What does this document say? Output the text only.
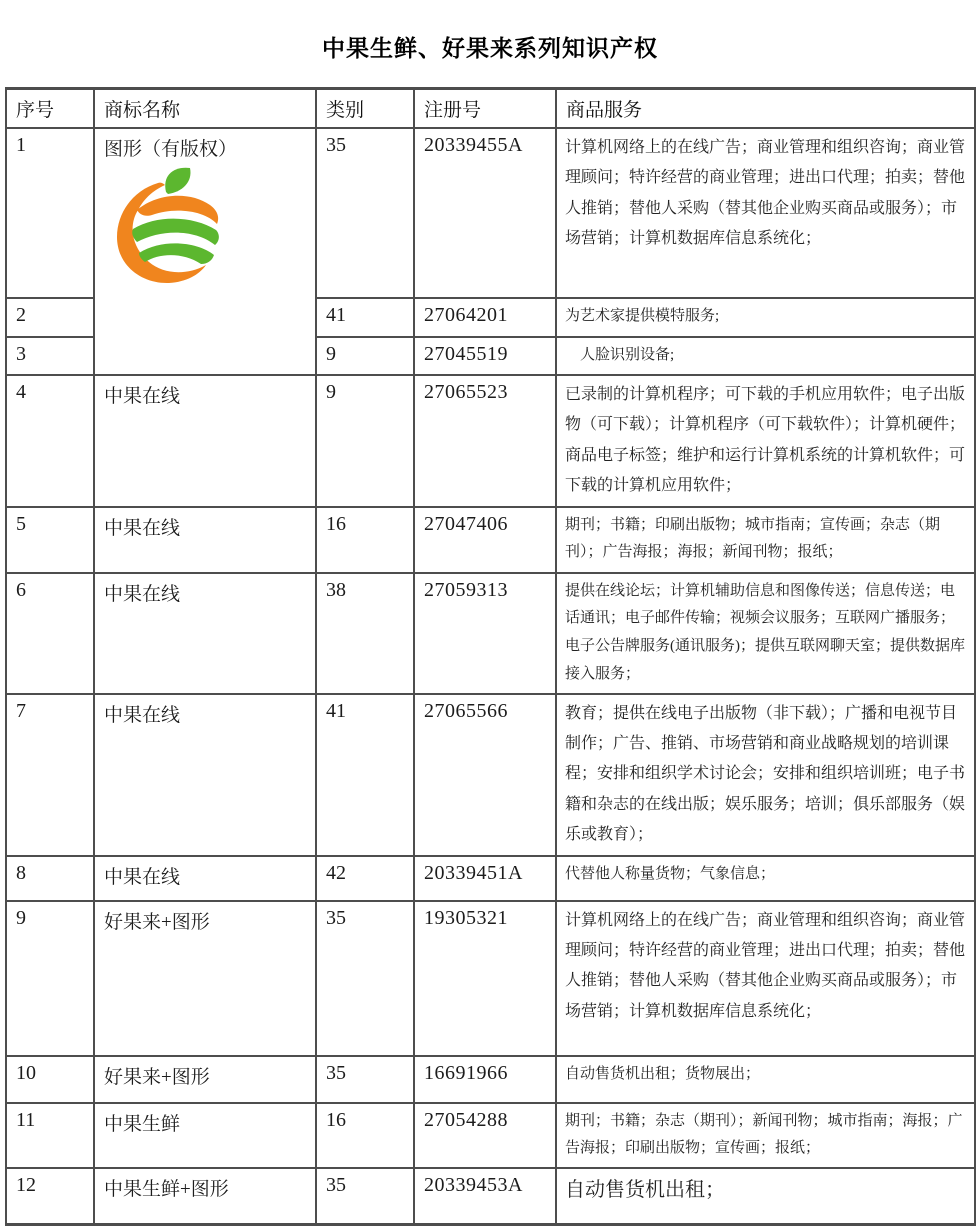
中果生鲜、好果来系列知识产权
序号	商标名称	类别	注册号	商品服务
1	图形（有版权）	35	20339455A	计算机网络上的在线广告；商业管理和组织咨询；商业管理顾问；特许经营的商业管理；进出口代理；拍卖；替他人推销；替他人采购（替其他企业购买商品或服务）；市场营销；计算机数据库信息系统化；
2		41	27064201	为艺术家提供模特服务;
3		9	27045519	　人脸识别设备;
4	中果在线	9	27065523	已录制的计算机程序；可下载的手机应用软件；电子出版物（可下载）；计算机程序（可下载软件）；计算机硬件；商品电子标签；维护和运行计算机系统的计算机软件；可下载的计算机应用软件；
5	中果在线	16	27047406	期刊；书籍；印刷出版物；城市指南；宣传画；杂志（期刊）；广告海报；海报；新闻刊物；报纸；
6	中果在线	38	27059313	提供在线论坛；计算机辅助信息和图像传送；信息传送；电话通讯；电子邮件传输；视频会议服务；互联网广播服务；电子公告牌服务(通讯服务)；提供互联网聊天室；提供数据库接入服务；
7	中果在线	41	27065566	教育；提供在线电子出版物（非下载）；广播和电视节目制作；广告、推销、市场营销和商业战略规划的培训课程；安排和组织学术讨论会；安排和组织培训班；电子书籍和杂志的在线出版；娱乐服务；培训；俱乐部服务（娱乐或教育）；
8	中果在线	42	20339451A	代替他人称量货物；气象信息；
9	好果来+图形	35	19305321	计算机网络上的在线广告；商业管理和组织咨询；商业管理顾问；特许经营的商业管理；进出口代理；拍卖；替他人推销；替他人采购（替其他企业购买商品或服务）；市场营销；计算机数据库信息系统化；
10	好果来+图形	35	16691966	自动售货机出租；货物展出；
11	中果生鲜	16	27054288	期刊；书籍；杂志（期刊）；新闻刊物；城市指南；海报；广告海报；印刷出版物；宣传画；报纸；
12	中果生鲜+图形	35	20339453A	自动售货机出租；
